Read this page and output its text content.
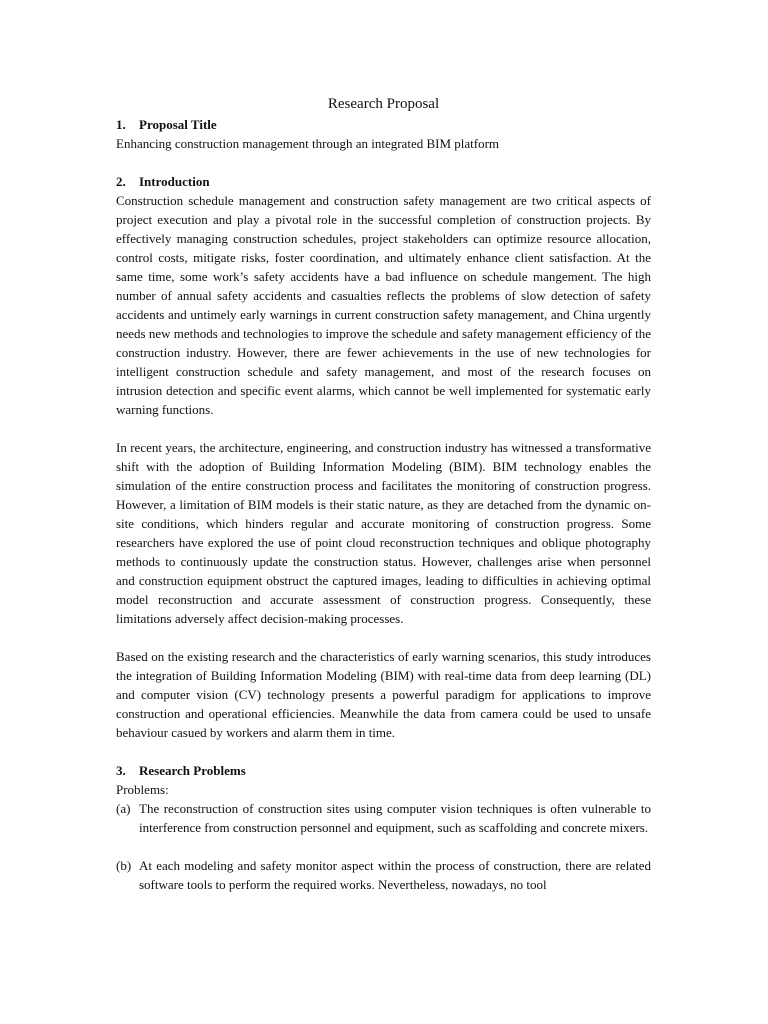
Research Proposal
1.	Proposal Title

Enhancing construction management through an integrated BIM platform

2.	Introduction

Construction schedule management and construction safety management are two critical aspects of project execution and play a pivotal role in the successful completion of construction projects. By effectively managing construction schedules, project stakeholders can optimize resource allocation, control costs, mitigate risks, foster coordination, and ultimately enhance client satisfaction. At the same time, some work’s safety accidents have a bad influence on schedule mangement. The high number of annual safety accidents and casualties reflects the problems of slow detection of safety accidents and untimely early warnings in current construction safety management, and China urgently needs new methods and technologies to improve the schedule and safety management efficiency of the construction industry. However, there are fewer achievements in the use of new technologies for intelligent construction schedule and safety management, and most of the research focuses on intrusion detection and specific event alarms, which cannot be well implemented for systematic early warning functions.

In recent years, the architecture, engineering, and construction industry has witnessed a transformative shift with the adoption of Building Information Modeling (BIM). BIM technology enables the simulation of the entire construction process and facilitates the monitoring of construction progress. However, a limitation of BIM models is their static nature, as they are detached from the dynamic on-site conditions, which hinders regular and accurate monitoring of construction progress. Some researchers have explored the use of point cloud reconstruction techniques and oblique photography methods to continuously update the construction status. However, challenges arise when personnel and construction equipment obstruct the captured images, leading to difficulties in achieving optimal model reconstruction and accurate assessment of construction progress. Consequently, these limitations adversely affect decision-making processes.

Based on the existing research and the characteristics of early warning scenarios, this study introduces the integration of Building Information Modeling (BIM) with real-time data from deep learning (DL) and computer vision (CV) technology presents a powerful paradigm for applications to improve construction and operational efficiencies. Meanwhile the data from camera could be used to unsafe behaviour casued by workers and alarm them in time.

3.	Research Problems

Problems:

(a) The reconstruction of construction sites using computer vision techniques is often vulnerable to interference from construction personnel and equipment, such as scaffolding and concrete mixers.
(b) At each modeling and safety monitor aspect within the process of construction, there are related software tools to perform the required works. Nevertheless, nowadays, no tool
